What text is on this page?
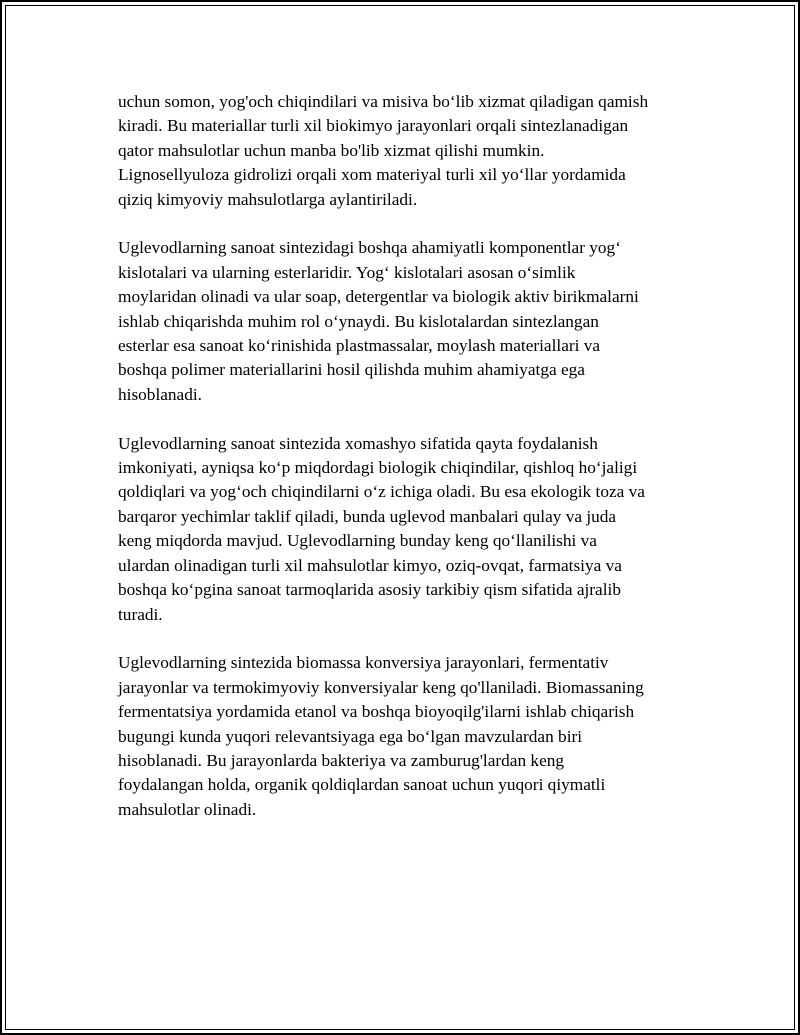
uchun somon, yog'och chiqindilari va misiva bo‘lib xizmat qiladigan qamish
kiradi. Bu materiallar turli xil biokimyo jarayonlari orqali sintezlanadigan
qator mahsulotlar uchun manba bo'lib xizmat qilishi mumkin.
Lignosellyuloza gidrolizi orqali xom materiyal turli xil yo‘llar yordamida
qiziq kimyoviy mahsulotlarga aylantiriladi.

Uglevodlarning sanoat sintezidagi boshqa ahamiyatli komponentlar yog‘
kislotalari va ularning esterlaridir. Yog‘ kislotalari asosan o‘simlik
moylaridan olinadi va ular soap, detergentlar va biologik aktiv birikmalarni
ishlab chiqarishda muhim rol o‘ynaydi. Bu kislotalardan sintezlangan
esterlar esa sanoat ko‘rinishida plastmassalar, moylash materiallari va
boshqa polimer materiallarini hosil qilishda muhim ahamiyatga ega
hisoblanadi.

Uglevodlarning sanoat sintezida xomashyo sifatida qayta foydalanish
imkoniyati, ayniqsa ko‘p miqdordagi biologik chiqindilar, qishloq ho‘jaligi
qoldiqlari va yog‘och chiqindilarni o‘z ichiga oladi. Bu esa ekologik toza va
barqaror yechimlar taklif qiladi, bunda uglevod manbalari qulay va juda
keng miqdorda mavjud. Uglevodlarning bunday keng qo‘llanilishi va
ulardan olinadigan turli xil mahsulotlar kimyo, oziq-ovqat, farmatsiya va
boshqa ko‘pgina sanoat tarmoqlarida asosiy tarkibiy qism sifatida ajralib
turadi.

Uglevodlarning sintezida biomassa konversiya jarayonlari, fermentativ
jarayonlar va termokimyoviy konversiyalar keng qo'llaniladi. Biomassaning
fermentatsiya yordamida etanol va boshqa bioyoqilg'ilarni ishlab chiqarish
bugungi kunda yuqori relevantsiyaga ega bo‘lgan mavzulardan biri
hisoblanadi. Bu jarayonlarda bakteriya va zamburug'lardan keng
foydalangan holda, organik qoldiqlardan sanoat uchun yuqori qiymatli
mahsulotlar olinadi.
